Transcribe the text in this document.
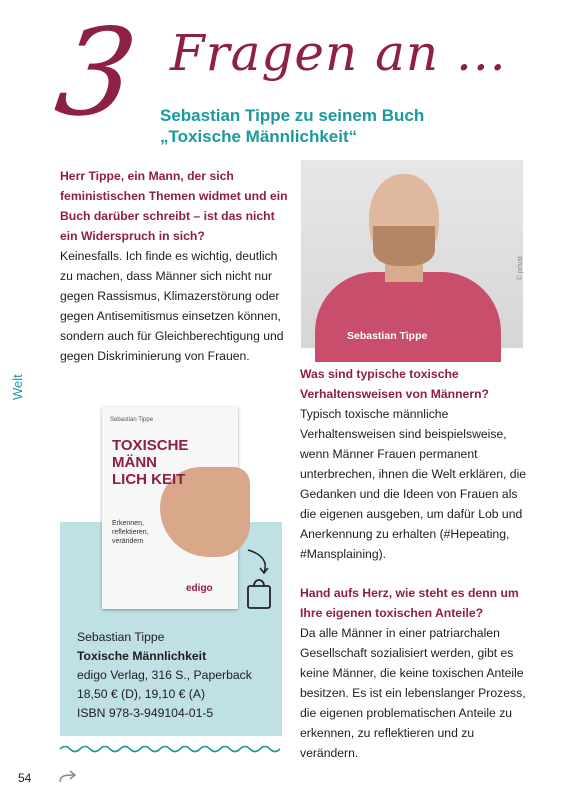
3 Fragen an ...
Sebastian Tippe zu seinem Buch
„Toxische Männlichkeit“
Welt
Herr Tippe, ein Mann, der sich feministischen Themen widmet und ein Buch darüber schreibt – ist das nicht ein Widerspruch in sich?
Keinesfalls. Ich finde es wichtig, deutlich zu machen, dass Männer sich nicht nur gegen Rassismus, Klimazerstörung oder gegen Antisemitismus einsetzen können, sondern auch für Gleichberechtigung und gegen Diskriminierung von Frauen.
Sebastian Tippe
© privat
Was sind typische toxische Verhaltensweisen von Männern?
Typisch toxische männliche Verhaltensweisen sind beispielsweise, wenn Männer Frauen permanent unterbrechen, ihnen die Welt erklären, die Gedanken und die Ideen von Frauen als die eigenen ausgeben, um dafür Lob und Anerkennung zu erhalten (#Hepeating, #Mansplaining).
Hand aufs Herz, wie steht es denn um Ihre eigenen toxischen Anteile?
Da alle Männer in einer patriarchalen Gesellschaft sozialisiert werden, gibt es keine Männer, die keine toxischen Anteile besitzen. Es ist ein lebenslanger Prozess, die eigenen problematischen Anteile zu erkennen, zu reflektieren und zu verändern.
Sebastian Tippe
TOXISCHE MÄNN LICH KEIT
Erkennen, reflektieren, verändern
edigo
Sebastian Tippe
Toxische Männlichkeit
edigo Verlag, 316 S., Paperback
18,50 € (D), 19,10 € (A)
ISBN 978-3-949104-01-5
54
